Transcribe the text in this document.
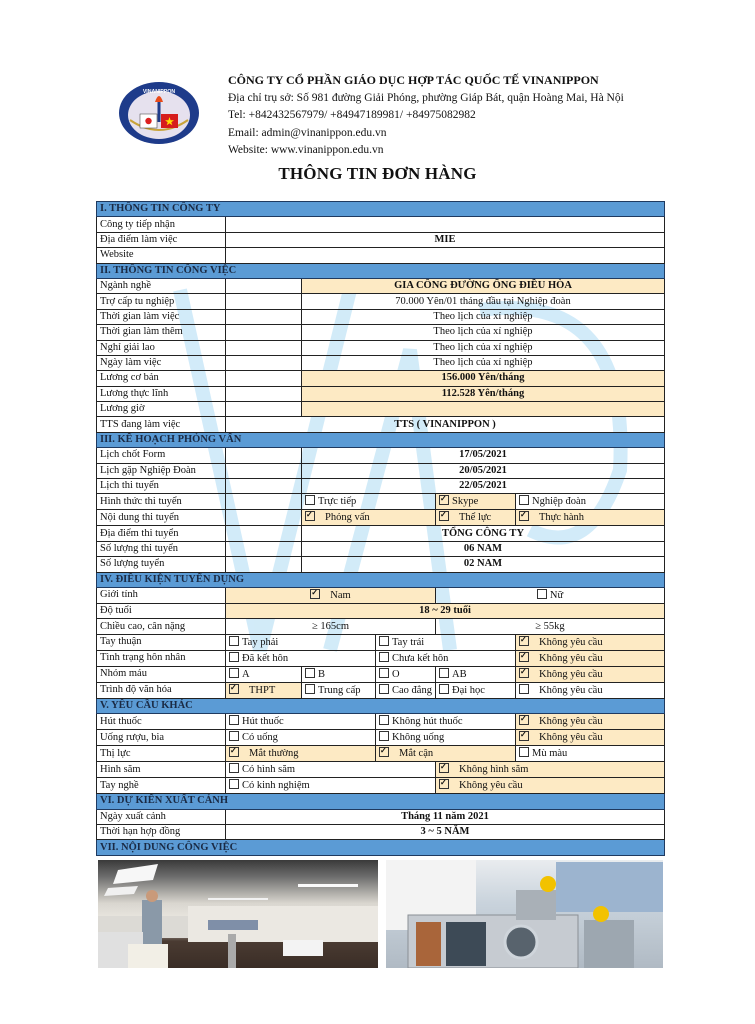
VINANIPPON
CÔNG TY CỔ PHẦN GIÁO DỤC HỢP TÁC QUỐC TẾ VINANIPPON
Địa chỉ trụ sở: Số 981 đường Giải Phóng, phường Giáp Bát, quận Hoàng Mai, Hà Nội
Tel: +842432567979/ +84947189981/ +84975082982
Email: admin@vinanippon.edu.vn
Website: www.vinanippon.edu.vn
THÔNG TIN ĐƠN HÀNG
I. THÔNG TIN CÔNG TY					
Công ty tiếp nhận					
Địa điểm làm việc	MIE				
Website					
II. THÔNG TIN CÔNG VIỆC					
Ngành nghề		GIA CÔNG ĐƯỜNG ỐNG ĐIỀU HÒA			
Trợ cấp tu nghiệp		70.000 Yên/01 tháng đầu tại Nghiệp đoàn			
Thời gian làm việc		Theo lịch của xí nghiệp			
Thời gian làm thêm		Theo lịch của xí nghiệp			
Nghỉ giải lao		Theo lịch của xí nghiệp			
Ngày làm việc		Theo lịch của xí nghiệp			
Lương cơ bản		156.000 Yên/tháng			
Lương thực lĩnh		112.528 Yên/tháng			
Lương giờ					
TTS đang làm việc	TTS ( VINANIPPON )				
III. KẾ HOẠCH PHỎNG VẤN					
Lịch chốt Form		17/05/2021			
Lịch gặp Nghiệp Đoàn		20/05/2021			
Lịch thi tuyển		22/05/2021			
Hình thức thi tuyển		Trực tiếp	✓Skype	Nghiệp đoàn
Nội dung thi tuyển		✓Phỏng vấn	✓Thể lực	✓Thực hành
Địa điểm thi tuyển		TỔNG CÔNG TY			
Số lượng thi tuyển		06 NAM			
Số lượng tuyển		02 NAM			
IV. ĐIỀU KIỆN TUYỂN DỤNG					
Giới tính	✓Nam			Nữ	
Độ tuổi	18 ~ 29 tuổi				
Chiều cao, cân nặng	≥ 165cm			≥ 55kg	
Tay thuận	Tay phải		Tay trái	✓Không yêu cầu
Tình trạng hôn nhân	Đã kết hôn		Chưa kết hôn	✓Không yêu cầu
Nhóm máu	A	B	O	AB	✓Không yêu cầu
Trình độ văn hóa	✓THPT	Trung cấp	Cao đẳng	Đại học	Không yêu cầu
V. YÊU CẦU KHÁC					
Hút thuốc	Hút thuốc		Không hút thuốc	✓Không yêu cầu
Uống rượu, bia	Có uống		Không uống	✓Không yêu cầu
Thị lực	✓Mắt thường	✓Mắt cận		Mù màu
Hình săm	Có hình săm	✓Không hình săm
Tay nghề	Có kinh nghiệm	✓Không yêu cầu
VI. DỰ KIẾN XUẤT CẢNH					
Ngày xuất cảnh	Tháng 11 năm 2021				
Thời hạn hợp đồng	3 ~ 5 NĂM				
VII. NỘI DUNG CÔNG VIỆC					
